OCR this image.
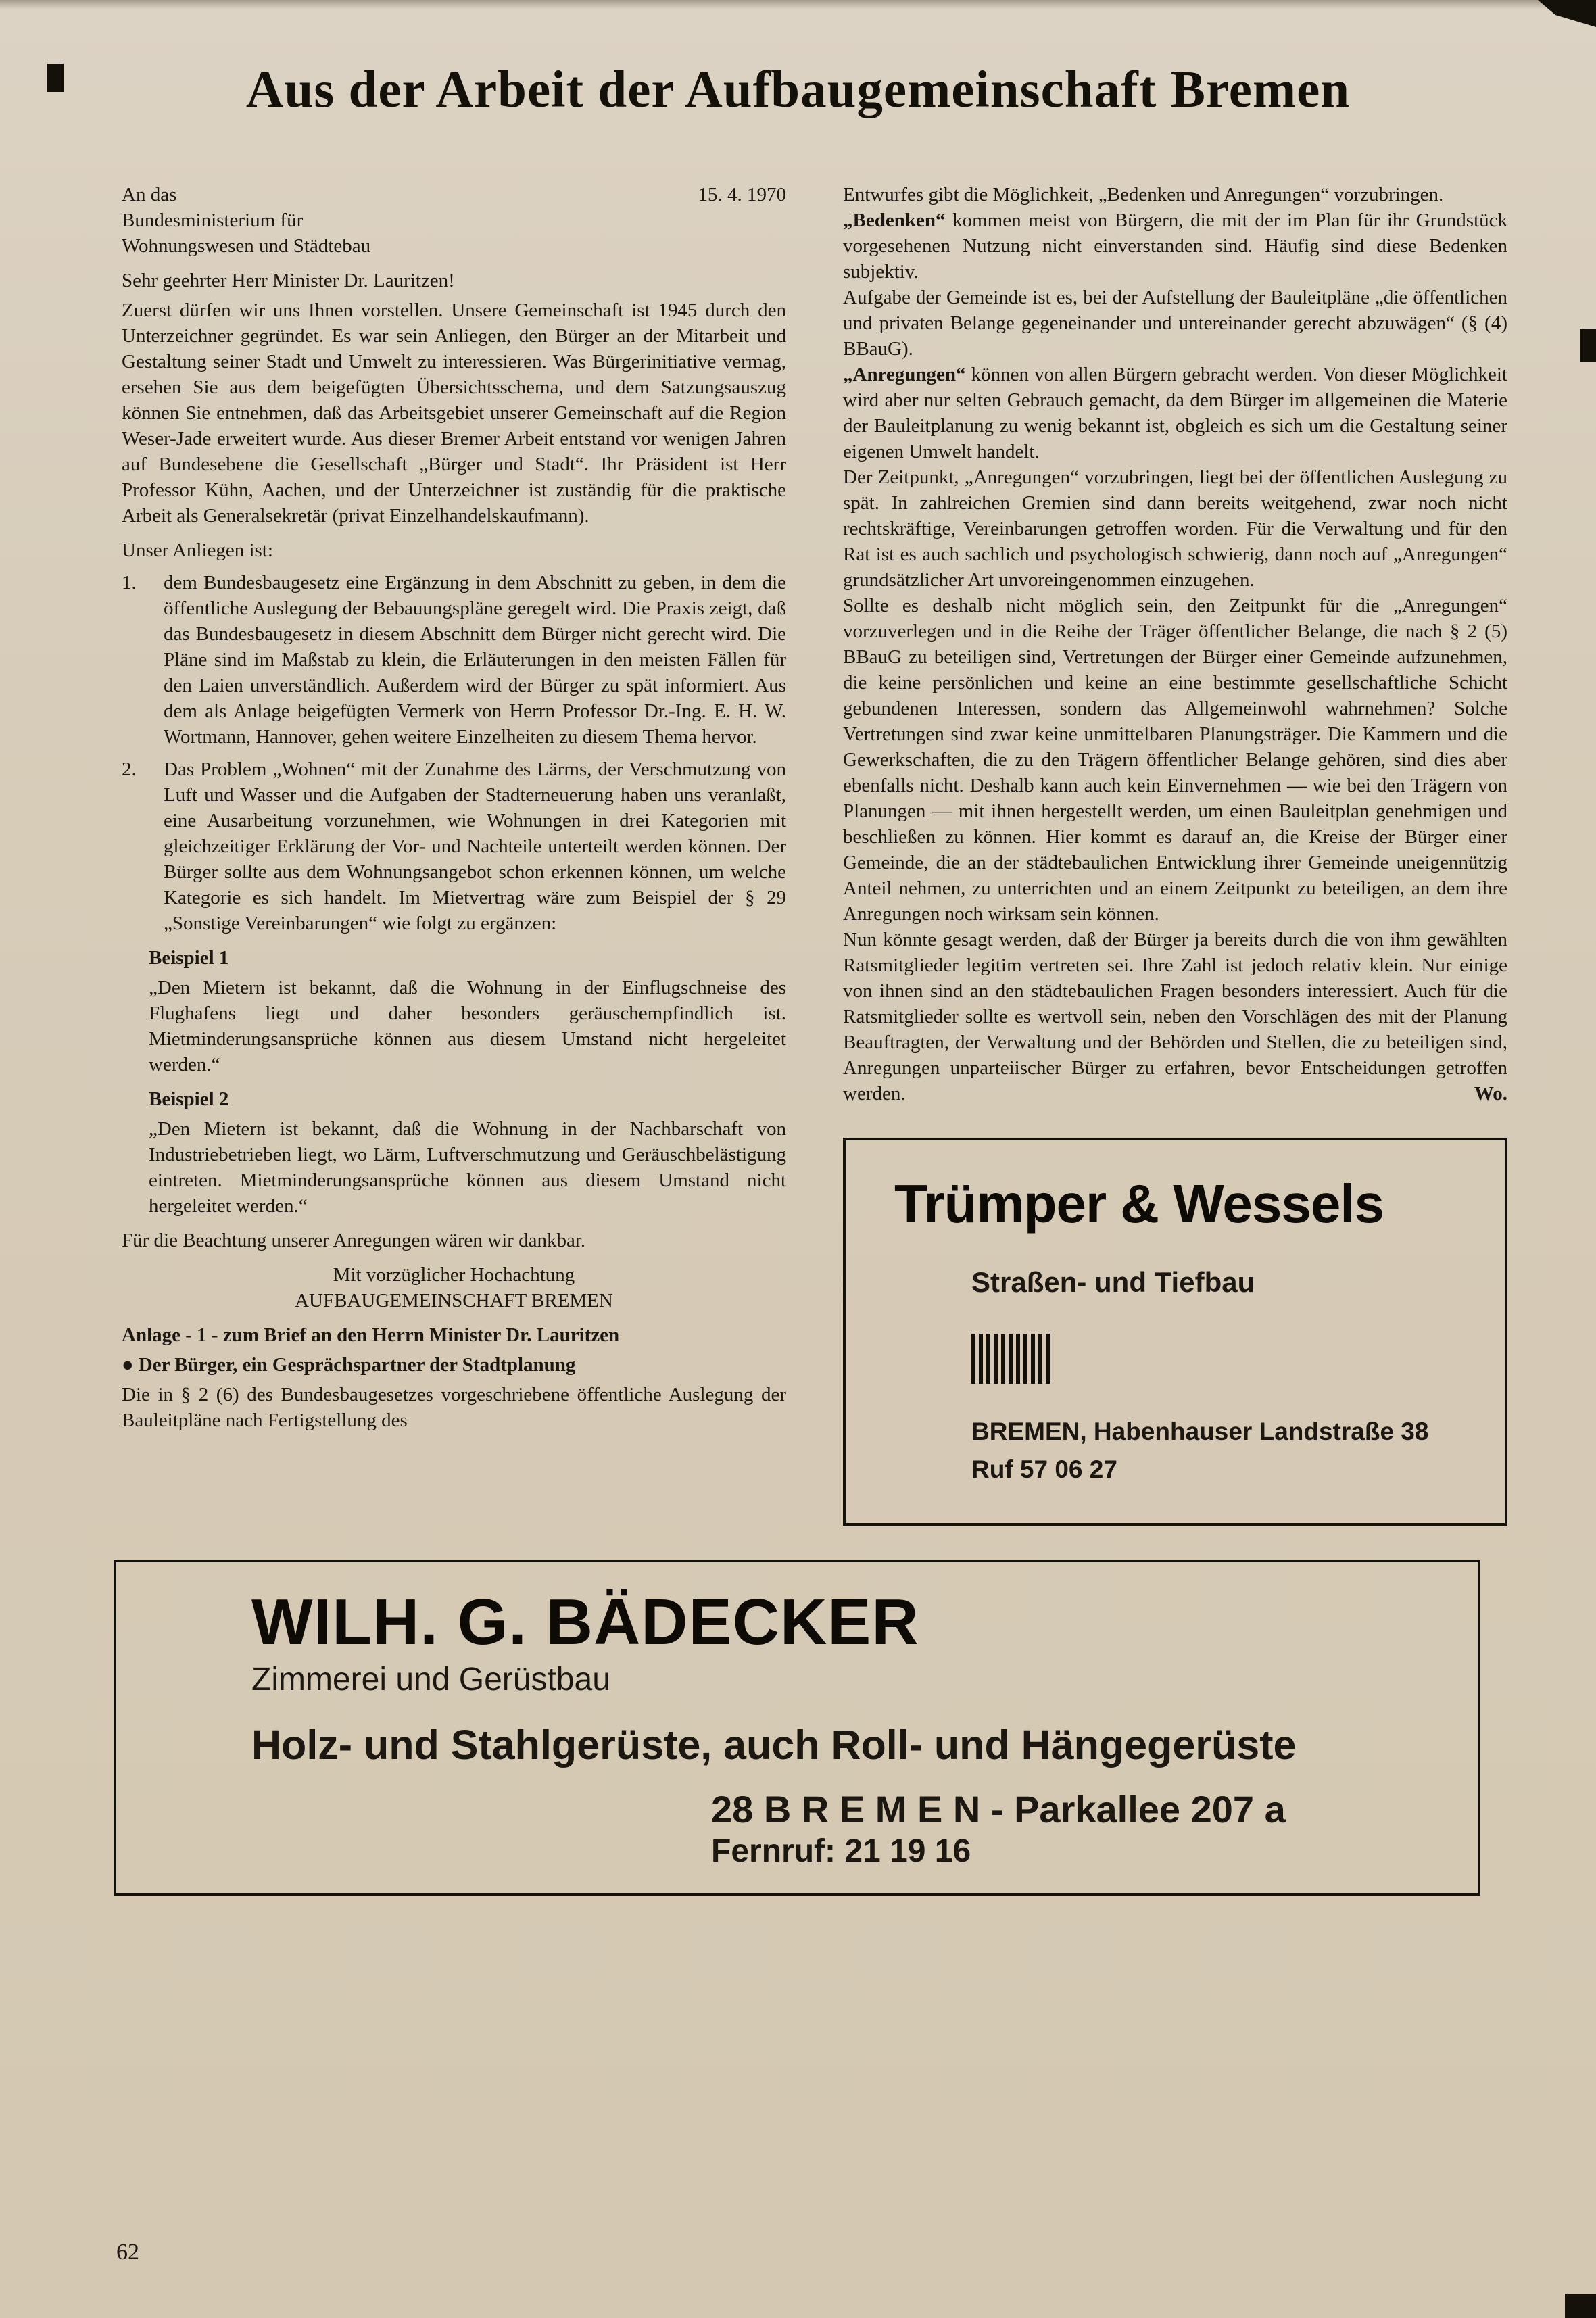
Aus der Arbeit der Aufbaugemeinschaft Bremen
An das	15. 4. 1970

Bundesministerium für

Wohnungswesen und Städtebau

Sehr geehrter Herr Minister Dr. Lauritzen!

Zuerst dürfen wir uns Ihnen vorstellen. Unsere Gemeinschaft ist 1945 durch den Unterzeichner gegründet. Es war sein Anliegen, den Bürger an der Mitarbeit und Gestaltung seiner Stadt und Umwelt zu interessieren. Was Bürgerinitiative vermag, ersehen Sie aus dem beigefügten Übersichtsschema, und dem Satzungsauszug können Sie entnehmen, daß das Arbeitsgebiet unserer Gemeinschaft auf die Region Weser-Jade erweitert wurde. Aus dieser Bremer Arbeit entstand vor wenigen Jahren auf Bundesebene die Gesellschaft „Bürger und Stadt“. Ihr Präsident ist Herr Professor Kühn, Aachen, und der Unterzeichner ist zuständig für die praktische Arbeit als Generalsekretär (privat Einzelhandelskaufmann).

Unser Anliegen ist:

1.	dem Bundesbaugesetz eine Ergänzung in dem Abschnitt zu geben, in dem die öffentliche Auslegung der Bebauungspläne geregelt wird. Die Praxis zeigt, daß das Bundesbaugesetz in diesem Abschnitt dem Bürger nicht gerecht wird. Die Pläne sind im Maßstab zu klein, die Erläuterungen in den meisten Fällen für den Laien unverständlich. Außerdem wird der Bürger zu spät informiert. Aus dem als Anlage beigefügten Vermerk von Herrn Professor Dr.-Ing. E. H. W. Wortmann, Hannover, gehen weitere Einzelheiten zu diesem Thema hervor.

2.	Das Problem „Wohnen“ mit der Zunahme des Lärms, der Verschmutzung von Luft und Wasser und die Aufgaben der Stadterneuerung haben uns veranlaßt, eine Ausarbeitung vorzunehmen, wie Wohnungen in drei Kategorien mit gleichzeitiger Erklärung der Vor- und Nachteile unterteilt werden können. Der Bürger sollte aus dem Wohnungsangebot schon erkennen können, um welche Kategorie es sich handelt. Im Mietvertrag wäre zum Beispiel der § 29 „Sonstige Vereinbarungen“ wie folgt zu ergänzen:

Beispiel 1

„Den Mietern ist bekannt, daß die Wohnung in der Einflugschneise des Flughafens liegt und daher besonders geräuschempfindlich ist. Mietminderungsansprüche können aus diesem Umstand nicht hergeleitet werden.“

Beispiel 2

„Den Mietern ist bekannt, daß die Wohnung in der Nachbarschaft von Industriebetrieben liegt, wo Lärm, Luftverschmutzung und Geräuschbelästigung eintreten. Mietminderungsansprüche können aus diesem Umstand nicht hergeleitet werden.“

Für die Beachtung unserer Anregungen wären wir dankbar.

Mit vorzüglicher Hochachtung

AUFBAUGEMEINSCHAFT BREMEN

Anlage - 1 - zum Brief an den Herrn Minister Dr. Lauritzen

● Der Bürger, ein Gesprächspartner der Stadtplanung

Die in § 2 (6) des Bundesbaugesetzes vorgeschriebene öffentliche Auslegung der Bauleitpläne nach Fertigstellung des

Entwurfes gibt die Möglichkeit, „Bedenken und Anregungen“ vorzubringen.

„Bedenken“ kommen meist von Bürgern, die mit der im Plan für ihr Grundstück vorgesehenen Nutzung nicht einverstanden sind. Häufig sind diese Bedenken subjektiv.

Aufgabe der Gemeinde ist es, bei der Aufstellung der Bauleitpläne „die öffentlichen und privaten Belange gegeneinander und untereinander gerecht abzuwägen“ (§ (4) BBauG).

„Anregungen“ können von allen Bürgern gebracht werden. Von dieser Möglichkeit wird aber nur selten Gebrauch gemacht, da dem Bürger im allgemeinen die Materie der Bauleitplanung zu wenig bekannt ist, obgleich es sich um die Gestaltung seiner eigenen Umwelt handelt.

Der Zeitpunkt, „Anregungen“ vorzubringen, liegt bei der öffentlichen Auslegung zu spät. In zahlreichen Gremien sind dann bereits weitgehend, zwar noch nicht rechtskräftige, Vereinbarungen getroffen worden. Für die Verwaltung und für den Rat ist es auch sachlich und psychologisch schwierig, dann noch auf „Anregungen“ grundsätzlicher Art unvoreingenommen einzugehen.

Sollte es deshalb nicht möglich sein, den Zeitpunkt für die „Anregungen“ vorzuverlegen und in die Reihe der Träger öffentlicher Belange, die nach § 2 (5) BBauG zu beteiligen sind, Vertretungen der Bürger einer Gemeinde aufzunehmen, die keine persönlichen und keine an eine bestimmte gesellschaftliche Schicht gebundenen Interessen, sondern das Allgemeinwohl wahrnehmen? Solche Vertretungen sind zwar keine unmittelbaren Planungsträger. Die Kammern und die Gewerkschaften, die zu den Trägern öffentlicher Belange gehören, sind dies aber ebenfalls nicht. Deshalb kann auch kein Einvernehmen — wie bei den Trägern von Planungen — mit ihnen hergestellt werden, um einen Bauleitplan genehmigen und beschließen zu können. Hier kommt es darauf an, die Kreise der Bürger einer Gemeinde, die an der städtebaulichen Entwicklung ihrer Gemeinde uneigennützig Anteil nehmen, zu unterrichten und an einem Zeitpunkt zu beteiligen, an dem ihre Anregungen noch wirksam sein können.

Nun könnte gesagt werden, daß der Bürger ja bereits durch die von ihm gewählten Ratsmitglieder legitim vertreten sei. Ihre Zahl ist jedoch relativ klein. Nur einige von ihnen sind an den städtebaulichen Fragen besonders interessiert. Auch für die Ratsmitglieder sollte es wertvoll sein, neben den Vorschlägen des mit der Planung Beauftragten, der Verwaltung und der Behörden und Stellen, die zu beteiligen sind, Anregungen unparteiischer Bürger zu erfahren, bevor Entscheidungen getroffen werden.	Wo.

Trümper & Wessels
Straßen- und Tiefbau
BREMEN, Habenhauser Landstraße 38
Ruf 57 06 27
WILH. G. BÄDECKER
Zimmerei und Gerüstbau
Holz- und Stahlgerüste, auch Roll- und Hängegerüste
28 B R E M E N - Parkallee 207 a
Fernruf: 21 19 16
62
